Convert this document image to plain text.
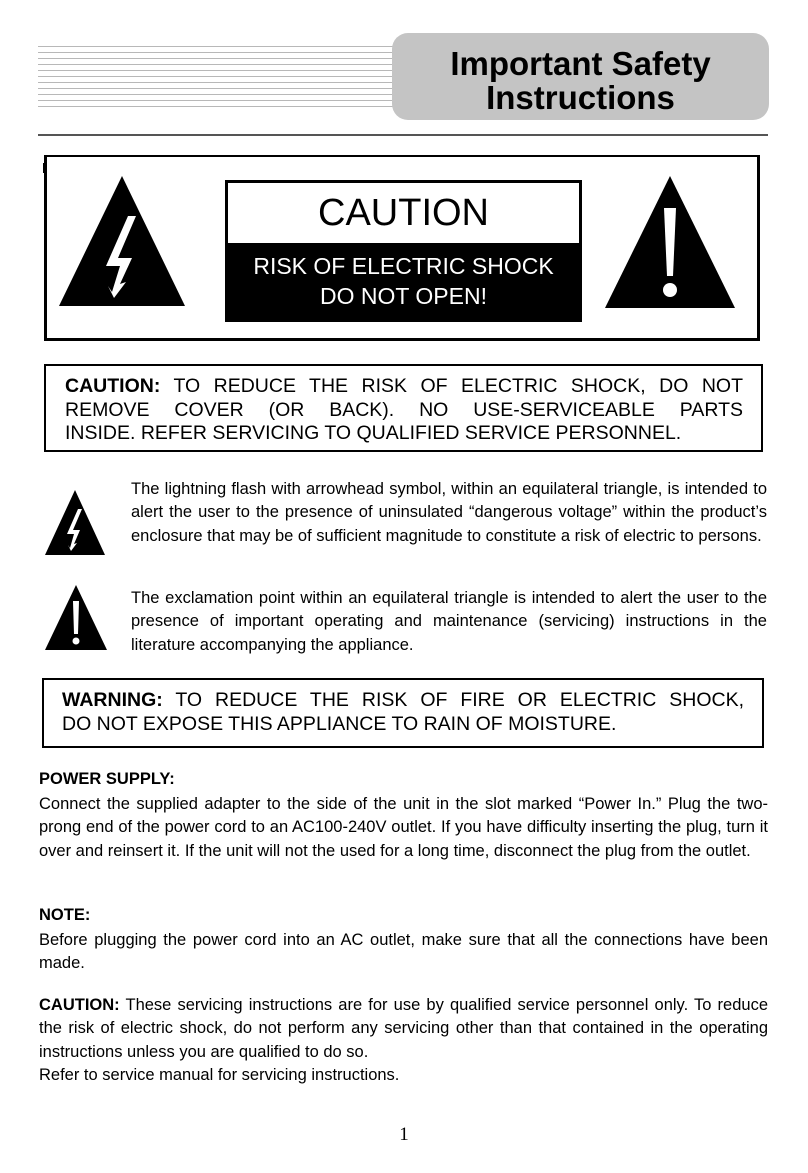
Important Safety
Instructions
CAUTION
RISK OF ELECTRIC SHOCK
DO NOT OPEN!

CAUTION: TO REDUCE THE RISK OF ELECTRIC SHOCK, DO NOT REMOVE COVER (OR BACK). NO USE-SERVICEABLE PARTS
INSIDE. REFER SERVICING TO QUALIFIED SERVICE PERSONNEL.

The lightning flash with arrowhead symbol, within an equilateral triangle, is intended to alert the user to the presence of uninsulated “dangerous voltage” within the product’s enclosure that may be of sufficient magnitude to constitute a risk of electric to persons.

The exclamation point within an equilateral triangle is intended to alert the user to the presence of important operating and maintenance (servicing) instructions in the literature accompanying the appliance.

WARNING: TO REDUCE THE RISK OF FIRE OR ELECTRIC SHOCK,
DO NOT EXPOSE THIS APPLIANCE TO RAIN OF MOISTURE.

POWER SUPPLY:

Connect the supplied adapter to the side of the unit in the slot marked “Power In.” Plug the two-prong end of the power cord to an AC100-240V outlet. If you have difficulty inserting the plug, turn it over and reinsert it. If the unit will not the used for a long time, disconnect the plug from the outlet.

NOTE:

Before plugging the power cord into an AC outlet, make sure that all the connections have been made.

CAUTION: These servicing instructions are for use by qualified service personnel only. To reduce the risk of electric shock, do not perform any servicing other than that contained in the operating instructions unless you are qualified to do so.
Refer to service manual for servicing instructions.

1
